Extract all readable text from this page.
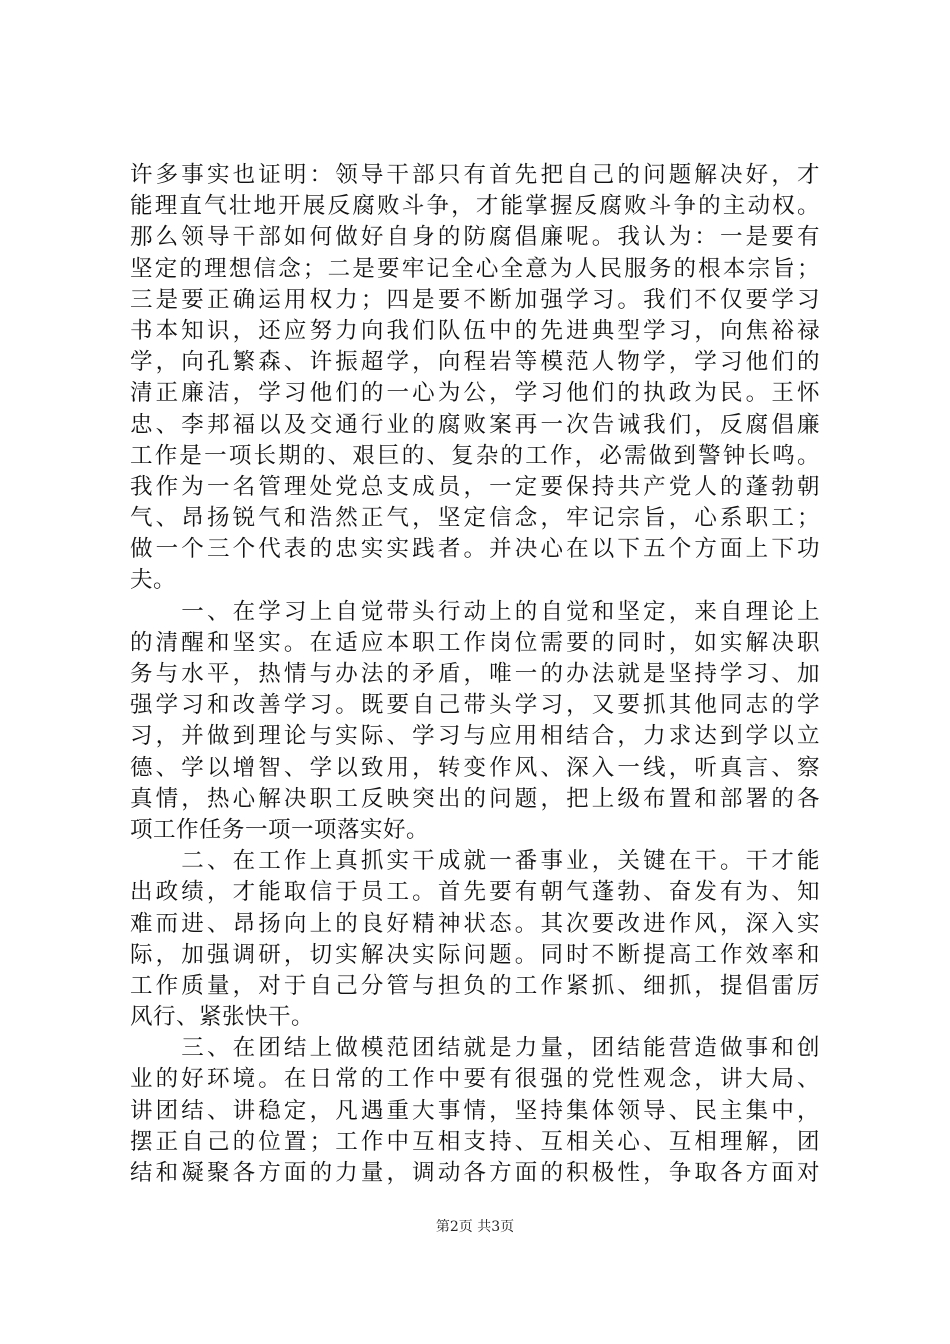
许多事实也证明：领导干部只有首先把自己的问题解决好，才
能理直气壮地开展反腐败斗争，才能掌握反腐败斗争的主动权。
那么领导干部如何做好自身的防腐倡廉呢。我认为：一是要有
坚定的理想信念；二是要牢记全心全意为人民服务的根本宗旨；
三是要正确运用权力；四是要不断加强学习。我们不仅要学习
书本知识，还应努力向我们队伍中的先进典型学习，向焦裕禄
学，向孔繁森、许振超学，向程岩等模范人物学，学习他们的
清正廉洁，学习他们的一心为公，学习他们的执政为民。王怀
忠、李邦福以及交通行业的腐败案再一次告诫我们，反腐倡廉
工作是一项长期的、艰巨的、复杂的工作，必需做到警钟长鸣。
我作为一名管理处党总支成员，一定要保持共产党人的蓬勃朝
气、昂扬锐气和浩然正气，坚定信念，牢记宗旨，心系职工；
做一个三个代表的忠实实践者。并决心在以下五个方面上下功
夫。
　　一、在学习上自觉带头行动上的自觉和坚定，来自理论上
的清醒和坚实。在适应本职工作岗位需要的同时，如实解决职
务与水平，热情与办法的矛盾，唯一的办法就是坚持学习、加
强学习和改善学习。既要自己带头学习，又要抓其他同志的学
习，并做到理论与实际、学习与应用相结合，力求达到学以立
德、学以增智、学以致用，转变作风、深入一线，听真言、察
真情，热心解决职工反映突出的问题，把上级布置和部署的各
项工作任务一项一项落实好。
　　二、在工作上真抓实干成就一番事业，关键在干。干才能
出政绩，才能取信于员工。首先要有朝气蓬勃、奋发有为、知
难而进、昂扬向上的良好精神状态。其次要改进作风，深入实
际，加强调研，切实解决实际问题。同时不断提高工作效率和
工作质量，对于自己分管与担负的工作紧抓、细抓，提倡雷厉
风行、紧张快干。
　　三、在团结上做模范团结就是力量，团结能营造做事和创
业的好环境。在日常的工作中要有很强的党性观念，讲大局、
讲团结、讲稳定，凡遇重大事情，坚持集体领导、民主集中，
摆正自己的位置；工作中互相支持、互相关心、互相理解，团
结和凝聚各方面的力量，调动各方面的积极性，争取各方面对
第2页 共3页
